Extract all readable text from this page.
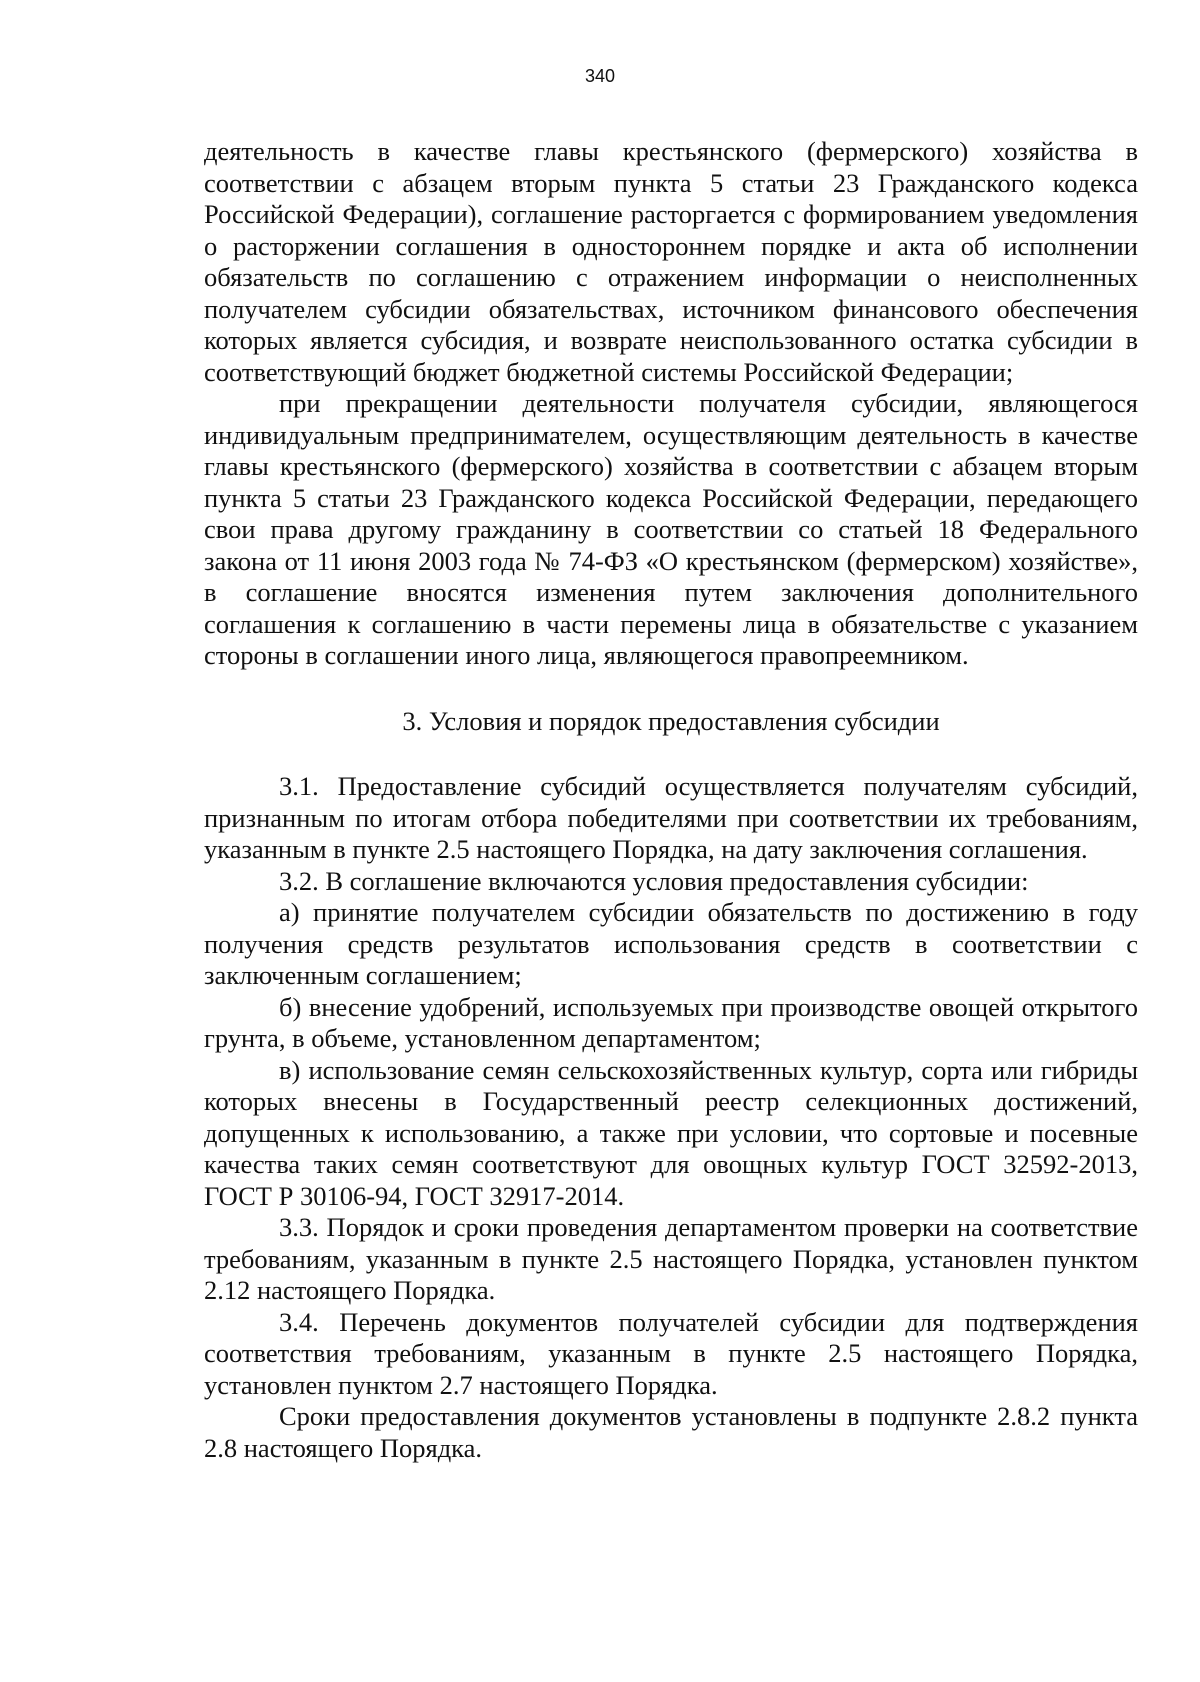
340

деятельность в качестве главы крестьянского (фермерского) хозяйства в соответствии с абзацем вторым пункта 5 статьи 23 Гражданского кодекса Российской Федерации), соглашение расторгается с формированием уведомления о расторжении соглашения в одностороннем порядке и акта об исполнении обязательств по соглашению с отражением информации о неисполненных получателем субсидии обязательствах, источником финансового обеспечения которых является субсидия, и возврате неиспользованного остатка субсидии в соответствующий бюджет бюджетной системы Российской Федерации;

при прекращении деятельности получателя субсидии, являющегося индивидуальным предпринимателем, осуществляющим деятельность в качестве главы крестьянского (фермерского) хозяйства в соответствии с абзацем вторым пункта 5 статьи 23 Гражданского кодекса Российской Федерации, передающего свои права другому гражданину в соответствии со статьей 18 Федерального закона от 11 июня 2003 года № 74-ФЗ «О крестьянском (фермерском) хозяйстве», в соглашение вносятся изменения путем заключения дополнительного соглашения к соглашению в части перемены лица в обязательстве с указанием стороны в соглашении иного лица, являющегося правопреемником.

3. Условия и порядок предоставления субсидии

3.1. Предоставление субсидий осуществляется получателям субсидий, признанным по итогам отбора победителями при соответствии их требованиям, указанным в пункте 2.5 настоящего Порядка, на дату заключения соглашения.

3.2. В соглашение включаются условия предоставления субсидии:

а) принятие получателем субсидии обязательств по достижению в году получения средств результатов использования средств в соответствии с заключенным соглашением;

б) внесение удобрений, используемых при производстве овощей открытого грунта, в объеме, установленном департаментом;

в) использование семян сельскохозяйственных культур, сорта или гибриды которых внесены в Государственный реестр селекционных достижений, допущенных к использованию, а также при условии, что сортовые и посевные качества таких семян соответствуют для овощных культур ГОСТ 32592-2013, ГОСТ Р 30106-94, ГОСТ 32917-2014.

3.3. Порядок и сроки проведения департаментом проверки на соответствие требованиям, указанным в пункте 2.5 настоящего Порядка, установлен пунктом 2.12 настоящего Порядка.

3.4. Перечень документов получателей субсидии для подтверждения соответствия требованиям, указанным в пункте 2.5 настоящего Порядка, установлен пунктом 2.7 настоящего Порядка.

Сроки предоставления документов установлены в подпункте 2.8.2 пункта 2.8 настоящего Порядка.
